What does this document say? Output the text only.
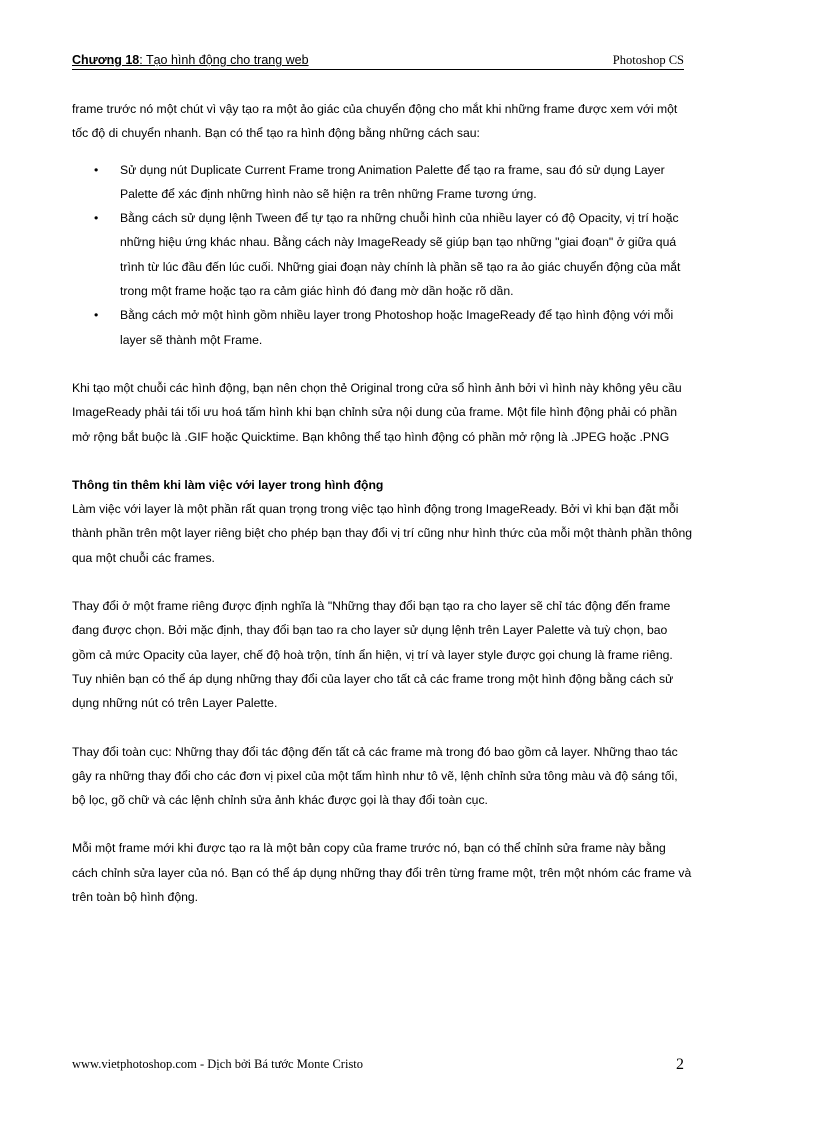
Chương 18: Tạo hình động cho trang web	Photoshop CS

frame trước nó một chút vì vậy tạo ra một ảo giác của chuyển động cho mắt khi những frame được xem với một tốc độ di chuyển nhanh. Bạn có thể tạo ra hình động bằng những cách sau:

• Sử dụng nút Duplicate Current Frame trong Animation Palette để tạo ra frame, sau đó sử dụng Layer Palette để xác định những hình nào sẽ hiện ra trên những Frame tương ứng.
• Bằng cách sử dụng lệnh Tween để tự tạo ra những chuỗi hình của nhiều layer có độ Opacity, vị trí hoặc những hiệu ứng khác nhau. Bằng cách này ImageReady sẽ giúp bạn tạo những "giai đoạn" ở giữa quá trình từ lúc đầu đến lúc cuối. Những giai đoạn này chính là phần sẽ tạo ra ảo giác chuyển động của mắt trong một frame hoặc tạo ra cảm giác hình đó đang mờ dần hoặc rõ dần.
• Bằng cách mở một hình gồm nhiều layer trong Photoshop hoặc ImageReady để tạo hình động với mỗi layer sẽ thành một Frame.

Khi tạo một chuỗi các hình động, bạn nên chọn thẻ Original trong cửa sổ hình ảnh bởi vì hình này không yêu cầu ImageReady phải tái tối ưu hoá tấm hình khi bạn chỉnh sửa nội dung của frame. Một file hình động phải có phần mở rộng bắt buộc là .GIF hoặc Quicktime. Bạn không thể tạo hình động có phần mở rộng là .JPEG hoặc .PNG

Thông tin thêm khi làm việc với layer trong hình động

Làm việc với layer là một phần rất quan trọng trong việc tạo hình động trong ImageReady. Bởi vì khi bạn đặt mỗi thành phần trên một layer riêng biệt cho phép bạn thay đổi vị trí cũng như hình thức của mỗi một thành phần thông qua một chuỗi các frames.

Thay đổi ở một frame riêng được định nghĩa là "Những thay đổi bạn tạo ra cho layer sẽ chỉ tác động đến frame đang được chọn. Bởi mặc định, thay đổi bạn tao ra cho layer sử dụng lệnh trên Layer Palette và tuỳ chọn, bao gồm cả mức Opacity của layer, chế độ hoà trộn, tính ẩn hiện, vị trí và layer style được gọi chung là frame riêng. Tuy nhiên bạn có thể áp dụng những thay đổi của layer cho tất cả các frame trong một hình động bằng cách sử dụng những nút có trên Layer Palette.

Thay đổi toàn cục: Những thay đổi tác động đến tất cả các frame mà trong đó bao gồm cả layer. Những thao tác gây ra những thay đổi cho các đơn vị pixel của một tấm hình như tô vẽ, lệnh chỉnh sửa tông màu và độ sáng tối, bộ lọc, gõ chữ và các lệnh chỉnh sửa ảnh khác được gọi là thay đổi toàn cục.

Mỗi một frame mới khi được tạo ra là một bản copy của frame trước nó, bạn có thể chỉnh sửa frame này bằng cách chỉnh sửa layer của nó. Bạn có thể áp dụng những thay đổi trên từng frame một, trên một nhóm các frame và trên toàn bộ hình động.

www.vietphotoshop.com - Dịch bởi Bá tước Monte Cristo	2
